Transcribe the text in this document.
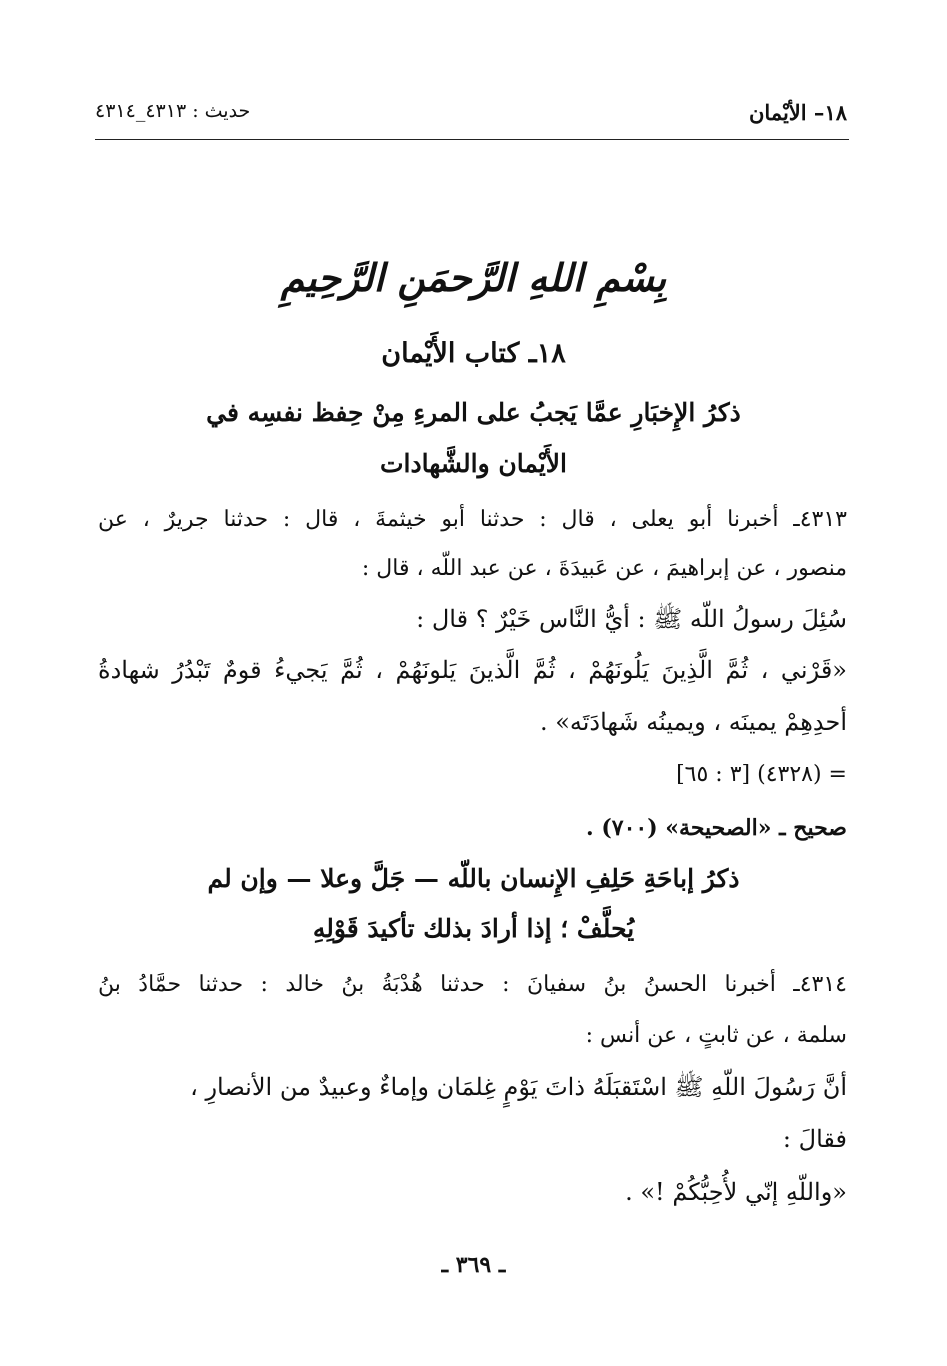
١٨– الأيْمان
حديث : ٤٣١٣_٤٣١٤
بِسْمِ اللهِ الرَّحمَنِ الرَّحِيمِ
١٨ـ كتاب الأَيْمان
ذكرُ الإِخبَارِ عمَّا يَجبُ على المرءِ مِنْ حِفظ نفسِه في
الأَيْمان والشَّهادات
٤٣١٣ـ أخبرنا أبو يعلى ، قال : حدثنا أبو خيثمةَ ، قال : حدثنا جريرٌ ، عن
منصور ، عن إبراهيمَ ، عن عَبيدَةَ ، عن عبد اللّه ، قال :
سُئِلَ رسولُ اللّه ﷺ : أيُّ النَّاس خَيْرٌ ؟ قال :
«قَرْني ، ثُمَّ الَّذِينَ يَلُونَهُمْ ، ثُمَّ الَّذينَ يَلونَهُمْ ، ثُمَّ يَجيءُ قومٌ تَبْدُرُ شهادةُ
أحدِهِمْ يمينَه ، ويمينُه شَهادَتَه» .
= (٤٣٢٨) [٣ : ٦٥]
صحيح ـ «الصحيحة» (٧٠٠) .
ذكرُ إباحَةِ حَلِفِ الإِنسان باللّه — جَلَّ وعلا — وإن لم
يُحلَّفْ ؛ إذا أرادَ بذلك تأكيدَ قَوْلِهِ
٤٣١٤ـ أخبرنا الحسنُ بنُ سفيانَ : حدثنا هُدْبَةُ بنُ خالد : حدثنا حمَّادُ بنُ
سلمة ، عن ثابتٍ ، عن أنس :
أنَّ رَسُولَ اللّهِ ﷺ اسْتَقبَلَهُ ذاتَ يَوْمٍ غِلمَان وإماءٌ وعبيدٌ من الأنصارِ ،
فقالَ :
«واللّهِ إنّي لأُحِبُّكُمْ !» .
ـ ٣٦٩ ـ
